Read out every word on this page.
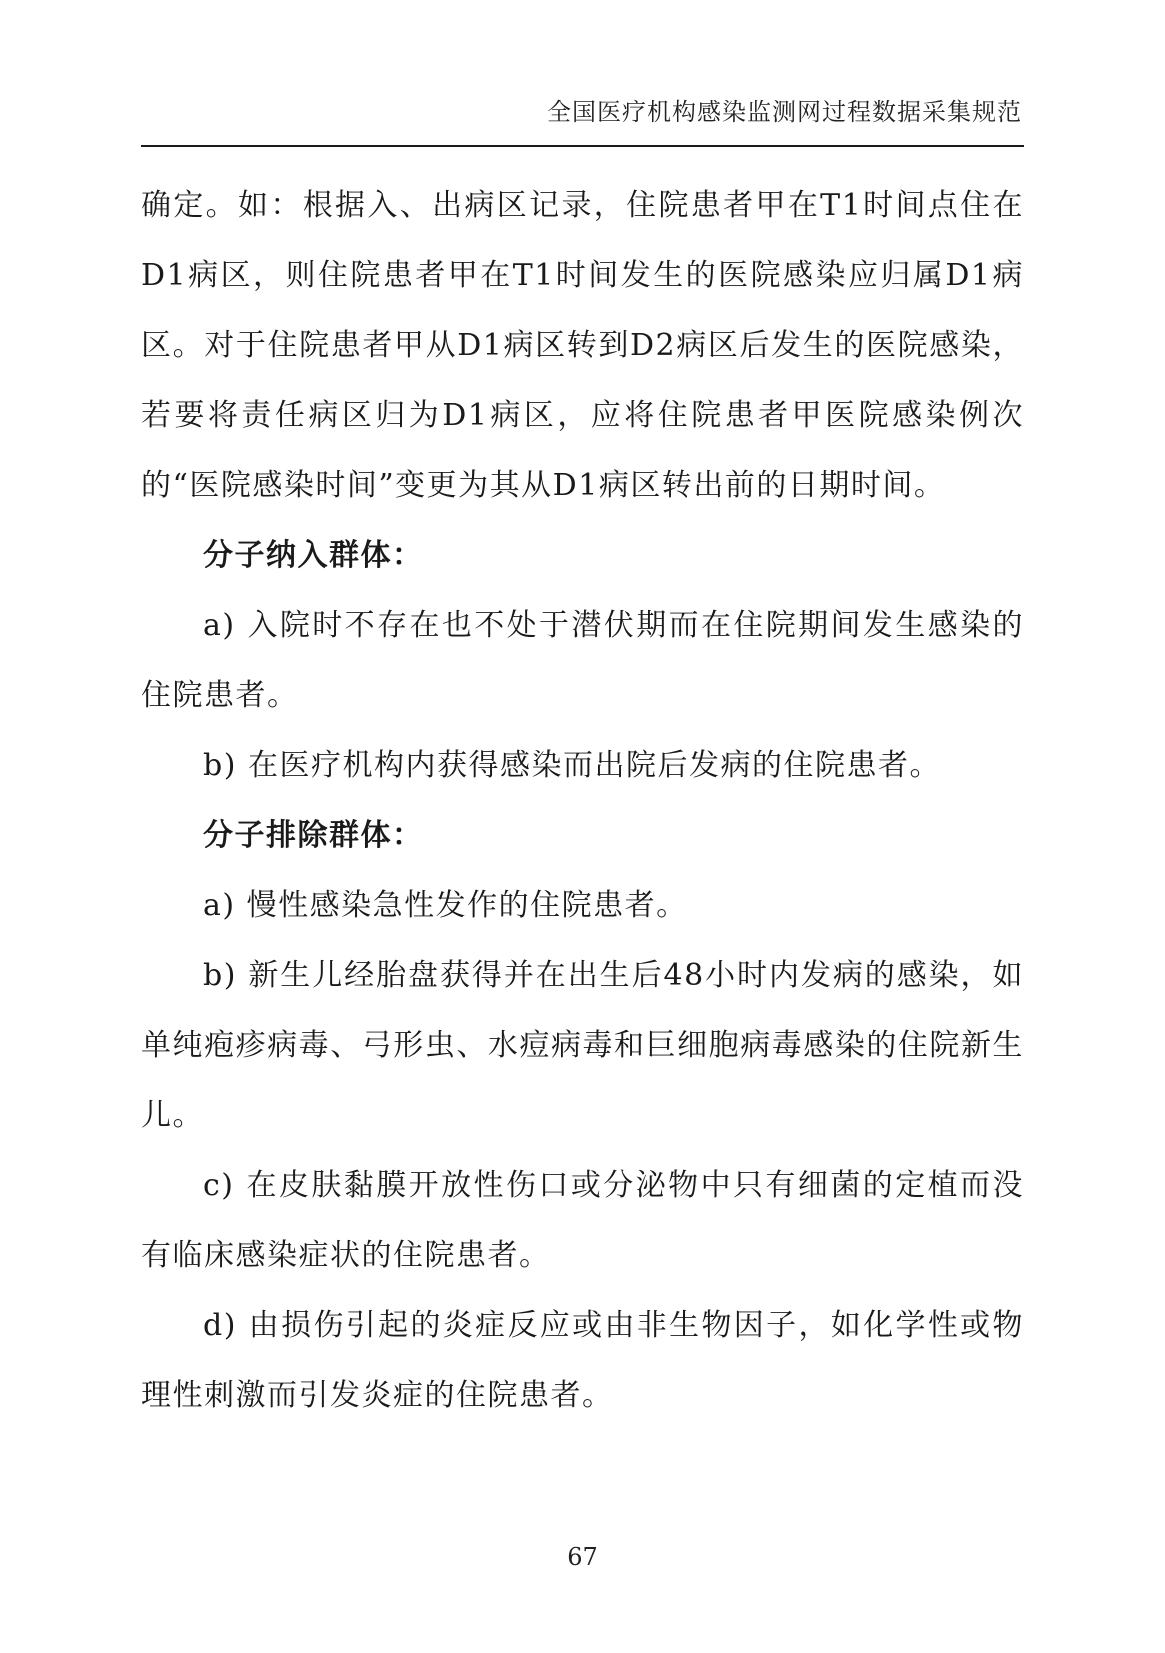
全国医疗机构感染监测网过程数据采集规范

确定。如：根据入、出病区记录，住院患者甲在T1时间点住在D1病区，则住院患者甲在T1时间发生的医院感染应归属D1病区。对于住院患者甲从D1病区转到D2病区后发生的医院感染，若要将责任病区归为D1病区，应将住院患者甲医院感染例次的“医院感染时间”变更为其从D1病区转出前的日期时间。

分子纳入群体：

a) 入院时不存在也不处于潜伏期而在住院期间发生感染的住院患者。

b) 在医疗机构内获得感染而出院后发病的住院患者。

分子排除群体：

a) 慢性感染急性发作的住院患者。

b) 新生儿经胎盘获得并在出生后48小时内发病的感染，如单纯疱疹病毒、弓形虫、水痘病毒和巨细胞病毒感染的住院新生儿。

c) 在皮肤黏膜开放性伤口或分泌物中只有细菌的定植而没有临床感染症状的住院患者。

d) 由损伤引起的炎症反应或由非生物因子，如化学性或物理性刺激而引发炎症的住院患者。

67
